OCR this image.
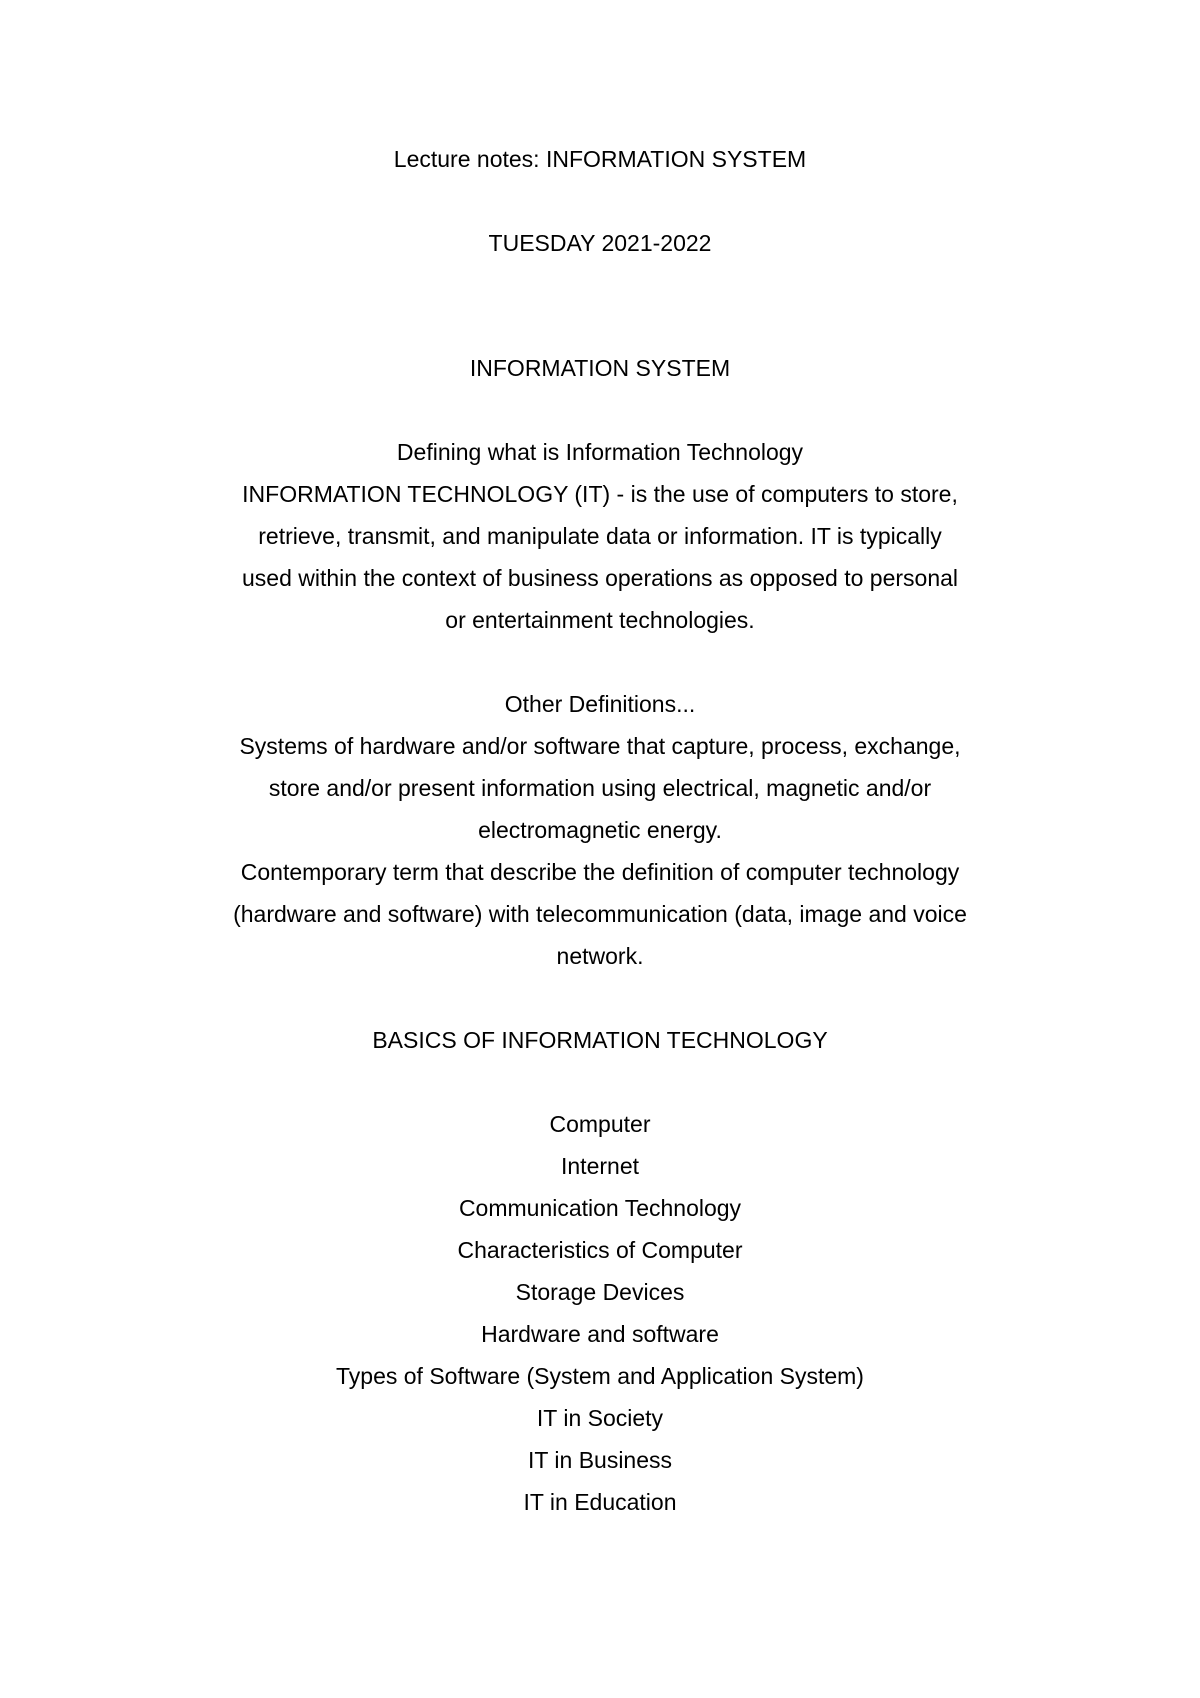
Lecture notes: INFORMATION SYSTEM
TUESDAY 2021-2022
INFORMATION SYSTEM
Defining what is Information Technology
INFORMATION TECHNOLOGY (IT) - is the use of computers to store,
retrieve, transmit, and manipulate data or information. IT is typically
used within the context of business operations as opposed to personal
or entertainment technologies.
Other Definitions...
Systems of hardware and/or software that capture, process, exchange,
store and/or present information using electrical, magnetic and/or
electromagnetic energy.
Contemporary term that describe the definition of computer technology
(hardware and software) with telecommunication (data, image and voice
network.
BASICS OF INFORMATION TECHNOLOGY
Computer
Internet
Communication Technology
Characteristics of Computer
Storage Devices
Hardware and software
Types of Software (System and Application System)
IT in Society
IT in Business
IT in Education
